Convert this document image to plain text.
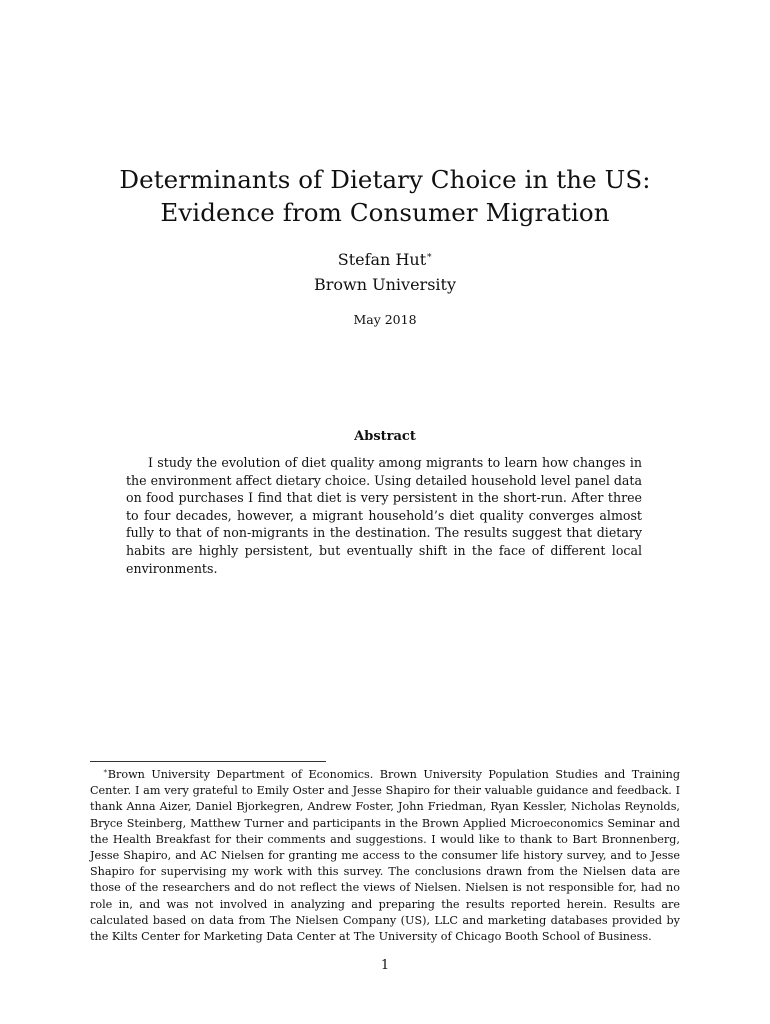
Determinants of Dietary Choice in the US:
Evidence from Consumer Migration
Stefan Hut∗
Brown University
May 2018
Abstract

I study the evolution of diet quality among migrants to learn how changes in the environment affect dietary choice. Using detailed household level panel data on food purchases I find that diet is very persistent in the short-run. After three to four decades, however, a migrant household’s diet quality converges almost fully to that of non-migrants in the destination. The results suggest that dietary habits are highly persistent, but eventually shift in the face of different local environments.

∗Brown University Department of Economics. Brown University Population Studies and Training Center. I am very grateful to Emily Oster and Jesse Shapiro for their valuable guidance and feedback. I thank Anna Aizer, Daniel Bjorkegren, Andrew Foster, John Friedman, Ryan Kessler, Nicholas Reynolds, Bryce Steinberg, Matthew Turner and participants in the Brown Applied Microeconomics Seminar and the Health Breakfast for their comments and suggestions. I would like to thank to Bart Bronnenberg, Jesse Shapiro, and AC Nielsen for granting me access to the consumer life history survey, and to Jesse Shapiro for supervising my work with this survey. The conclusions drawn from the Nielsen data are those of the researchers and do not reflect the views of Nielsen. Nielsen is not responsible for, had no role in, and was not involved in analyzing and preparing the results reported herein. Results are calculated based on data from The Nielsen Company (US), LLC and marketing databases provided by the Kilts Center for Marketing Data Center at The University of Chicago Booth School of Business.

1
